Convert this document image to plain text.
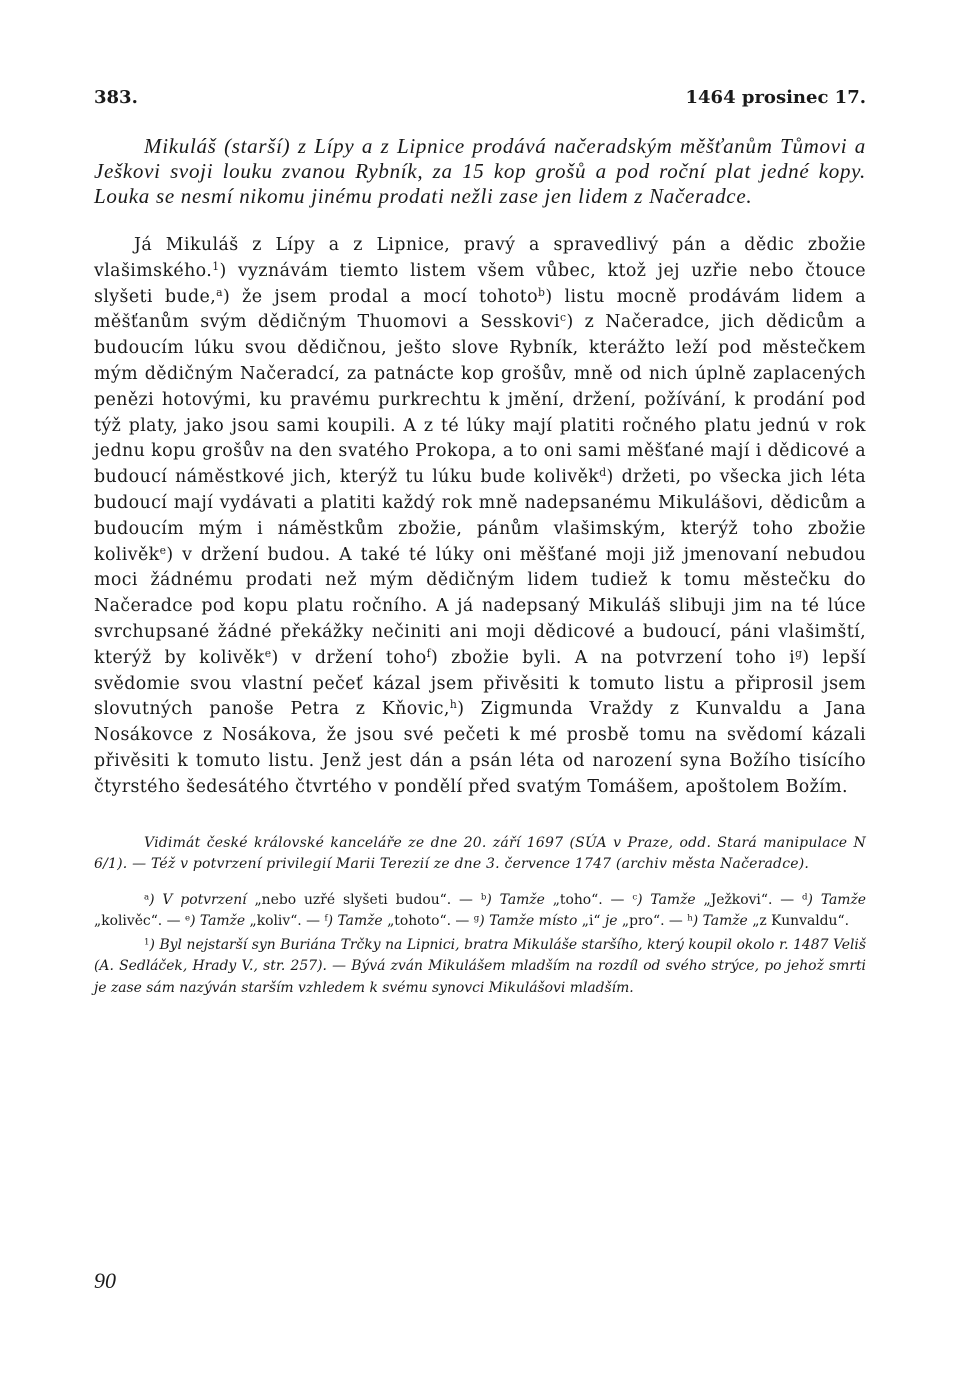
383.	1464 prosinec 17.
Mikuláš (starší) z Lípy a z Lipnice prodává načeradským měšťanům Tůmovi a Ješkovi svoji louku zvanou Rybník, za 15 kop grošů a pod roční plat jedné kopy. Louka se nesmí nikomu jinému prodati nežli zase jen lidem z Načeradce.
Já Mikuláš z Lípy a z Lipnice, pravý a spravedlivý pán a dědic zbožie vlašimského.$^1$) vyznávám tiemto listem všem vůbec, ktož jej uzřie nebo čtouce slyšeti bude,$^a$) že jsem prodal a mocí tohoto$^b$) listu mocně prodávám lidem a měšťanům svým dědičným Thuomovi a Sesskovi$^c$) z Načeradce, jich dědicům a budoucím lúku svou dědičnou, ješto slove Rybník, kterážto leží pod městečkem mým dědičným Načeradcí, za patnácte kop grošův, mně od nich úplně zaplacených penězi hotovými, ku pravému purkrechtu k jmění, držení, požívání, k prodání pod týž platy, jako jsou sami koupili. A z té lúky mají platiti ročného platu jednú v rok jednu kopu grošův na den svatého Prokopa, a to oni sami měšťané mají i dědicové a budoucí náměstkové jich, kterýž tu lúku bude kolivěk$^d$) držeti, po všecka jich léta budoucí mají vydávati a platiti každý rok mně nadepsanému Mikulášovi, dědicům a budoucím mým i náměstkům zbožie, pánům vlašimským, kterýž toho zbožie kolivěk$^e$) v držení budou. A také té lúky oni měšťané moji již jmenovaní nebudou moci žádnému prodati než mým dědičným lidem tudiež k tomu městečku do Načeradce pod kopu platu ročního. A já nadepsaný Mikuláš slibuji jim na té lúce svrchupsané žádné překážky nečiniti ani moji dědicové a budoucí, páni vlašimští, kterýž by kolivěk$^e$) v držení toho$^f$) zbožie byli. A na potvrzení toho $i^g$) lepší svědomie svou vlastní pečeť kázal jsem přivěsiti k tomuto listu a připrosil jsem slovutných panoše Petra z Kňovic,$^h$) Zigmunda Vraždy z Kunvaldu a Jana Nosákovce z Nosákova, že jsou své pečeti k mé prosbě tomu na svědomí kázali přivěsiti k tomuto listu. Jenž jest dán a psán léta od narození syna Božího tisícího čtyrstého šedesátého čtvrtého v pondělí před svatým Tomášem, apoštolem Božím.
Vidimát české královské kanceláře ze dne 20. září 1697 (SÚA v Praze, odd. Stará manipulace N 6/1). — Též v potvrzení privilegií Marii Terezií ze dne 3. července 1747 (archiv města Načeradce).

$^a$) V potvrzení „nebo uzřé slyšeti budou“. — $^b$) Tamže „toho“. — $^c$) Tamže „Ježkovi“. — $^d$) Tamže „kolivěc“. — $^e$) Tamže „koliv“. — $^f$) Tamže „tohoto“. — $^g$) Tamže místo „i“ je „pro“. — $^h$) Tamže „z Kunvaldu“.

$^1$) Byl nejstarší syn Buriána Trčky na Lipnici, bratra Mikuláše staršího, který koupil okolo r. 1487 Veliš (A. Sedláček, Hrady V., str. 257). — Bývá zván Mikulášem mladším na rozdíl od svého strýce, po jehož smrti je zase sám nazýván starším vzhledem k svému synovci Mikulášovi mladším.

90
